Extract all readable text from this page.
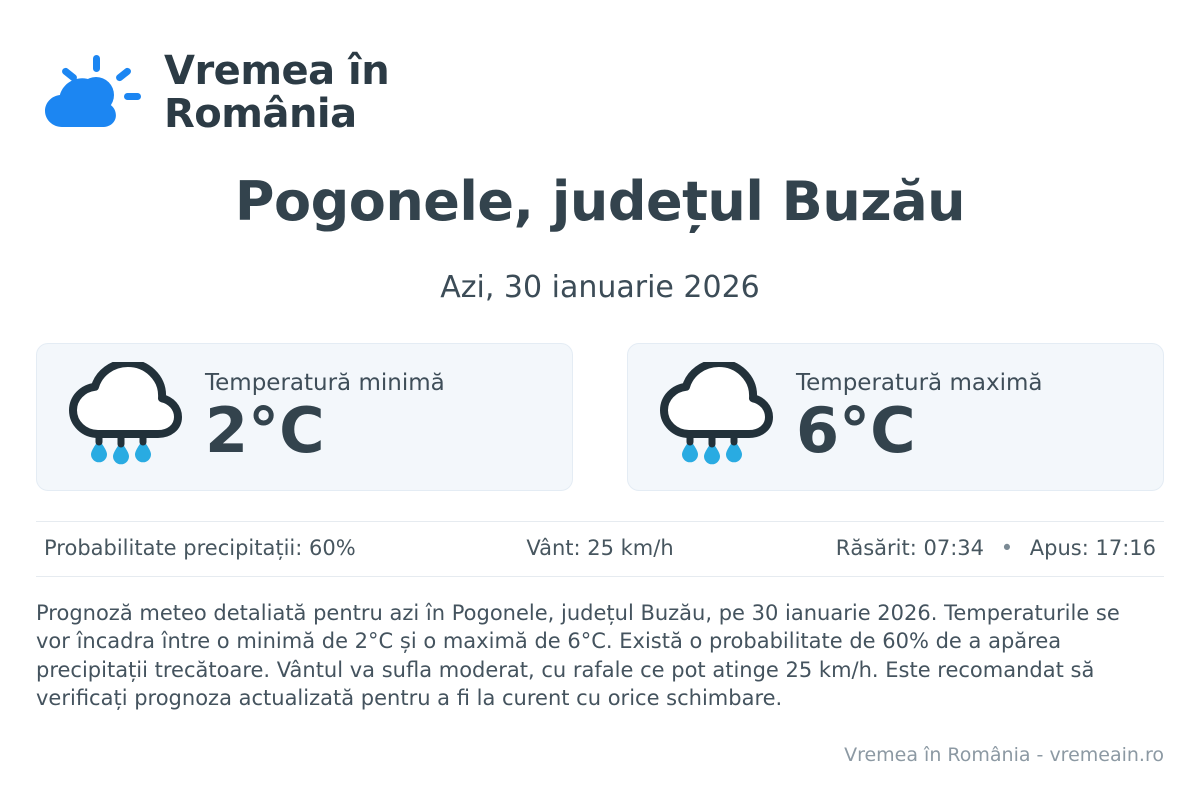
Vremea în
România
Pogonele, județul Buzău
Azi, 30 ianuarie 2026
Temperatură minimă
2°C
Temperatură maximă
6°C
Probabilitate precipitații: 60%	Vânt: 25 km/h	Răsărit: 07:34 • Apus: 17:16

Prognoză meteo detaliată pentru azi în Pogonele, județul Buzău, pe 30 ianuarie 2026. Temperaturile se vor încadra între o minimă de 2°C și o maximă de 6°C. Există o probabilitate de 60% de a apărea precipitații trecătoare. Vântul va sufla moderat, cu rafale ce pot atinge 25 km/h. Este recomandat să verificați prognoza actualizată pentru a fi la curent cu orice schimbare.

Vremea în România - vremeain.ro
